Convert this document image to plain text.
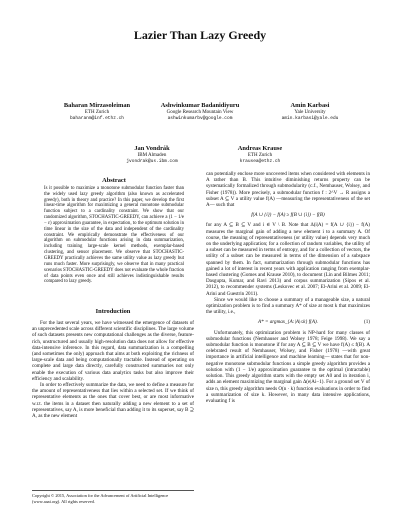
Lazier Than Lazy Greedy
Baharan Mirzasoleiman
ETH Zurich
baharanm@inf.ethz.ch
Ashwinkumar Badanidiyuru
Google Research Mountain View
ashwinkumarbv@google.com
Amin Karbasi
Yale University
amin.karbasi@yale.edu
Jan Vondrák
IBM Almaden
jvondrak@us.ibm.com
Andreas Krause
ETH Zurich
krausea@ethz.ch
Abstract

Is it possible to maximize a monotone submodular function faster than the widely used lazy greedy algorithm (also known as accelerated greedy), both in theory and practice? In this paper, we develop the first linear-time algorithm for maximizing a general monotone submodular function subject to a cardinality constraint. We show that our randomized algorithm, STOCHASTIC-GREEDY, can achieve a (1 − 1/e − ε) approximation guarantee, in expectation, to the optimum solution in time linear in the size of the data and independent of the cardinality constraint. We empirically demonstrate the effectiveness of our algorithm on submodular functions arising in data summarization, including training large-scale kernel methods, exemplar-based clustering, and sensor placement. We observe that STOCHASTIC-GREEDY practically achieves the same utility value as lazy greedy but runs much faster. More surprisingly, we observe that in many practical scenarios STOCHASTIC-GREEDY does not evaluate the whole fraction of data points even once and still achieves indistinguishable results compared to lazy greedy.

Introduction

For the last several years, we have witnessed the emergence of datasets of an unprecedented scale across different scientific disciplines. The large volume of such datasets presents new computational challenges as the diverse, feature-rich, unstructured and usually high-resolution data does not allow for effective data-intensive inference. In this regard, data summarization is a compelling (and sometimes the only) approach that aims at both exploiting the richness of large-scale data and being computationally tractable. Instead of operating on complete and large data directly, carefully constructed summaries not only enable the execution of various data analytics tasks but also improve their efficiency and scalability.

In order to effectively summarize the data, we need to define a measure for the amount of representativeness that lies within a selected set. If we think of representative elements as the ones that cover best, or are most informative w.r.t. the items in a dataset then naturally adding a new element to a set of representatives, say A, is more beneficial than adding it to its superset, say B ⊇ A, as the new element

can potentially enclose more uncovered items when considered with elements in A rather than B. This intuitive diminishing returns property can be systematically formalized through submodularity (c.f., Nemhauser, Wolsey, and Fisher (1978)). More precisely, a submodular function f : 2^V → R assigns a subset A ⊆ V a utility value f(A) —measuring the representativeness of the set A— such that

f(A ∪ {i}) − f(A) ≥ f(B ∪ {i}) − f(B)

for any A ⊆ B ⊆ V and i ∈ V \ B. Note that Δ(i|A) = f(A ∪ {i}) − f(A) measures the marginal gain of adding a new element i to a summary A. Of course, the meaning of representativeness (or utility value) depends very much on the underlying application; for a collection of random variables, the utility of a subset can be measured in terms of entropy, and for a collection of vectors, the utility of a subset can be measured in terms of the dimension of a subspace spanned by them. In fact, summarization through submodular functions has gained a lot of interest in recent years with application ranging from exemplar-based clustering (Gomes and Krause 2010), to document (Lin and Bilmes 2011; Dasgupta, Kumar, and Ravi 2013) and corpus summarization (Sipos et al. 2012), to recommender systems (Leskovec et al. 2007; El-Arini et al. 2009; El-Arini and Guestrin 2011).

Since we would like to choose a summary of a manageable size, a natural optimization problem is to find a summary A* of size at most k that maximizes the utility, i.e.,

A* = argmax_{A:|A|≤k} f(A).	(1)

Unfortunately, this optimization problem is NP-hard for many classes of submodular functions (Nemhauser and Wolsey 1978; Feige 1998). We say a submodular function is monotone if for any A ⊆ B ⊆ V we have f(A) ≤ f(B). A celebrated result of Nemhauser, Wolsey, and Fisher (1978) —with great importance in artificial intelligence and machine learning— states that for non-negative monotone submodular functions a simple greedy algorithm provides a solution with (1 − 1/e) approximation guarantee to the optimal (intractable) solution. This greedy algorithm starts with the empty set A0 and in iteration i, adds an element maximizing the marginal gain Δ(e|Ai−1). For a ground set V of size n, this greedy algorithm needs O(n · k) function evaluations in order to find a summarization of size k. However, in many data intensive applications, evaluating f is

Copyright © 2015, Association for the Advancement of Artificial Intelligence (www.aaai.org). All rights reserved.
